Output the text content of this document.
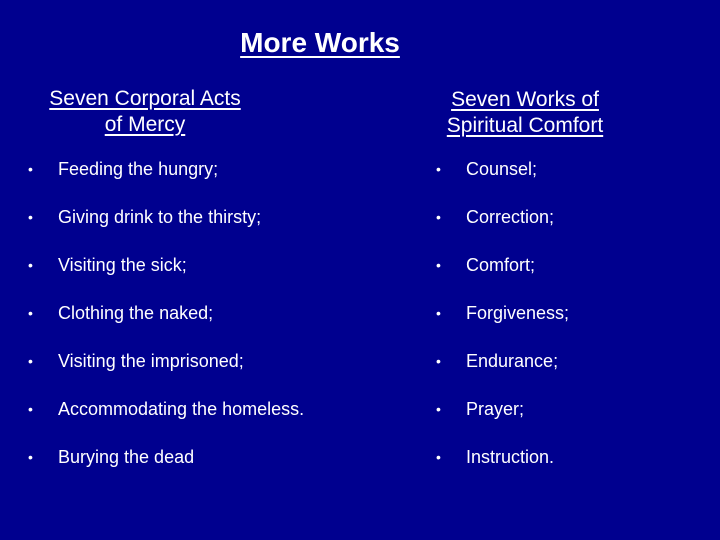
More Works
Seven Corporal Acts
of Mercy
Seven Works of
Spiritual Comfort
• Feeding the hungry;
• Giving drink to the thirsty;
• Visiting the sick;
• Clothing the naked;
• Visiting the imprisoned;
• Accommodating the homeless.
• Burying the dead
• Counsel;
• Correction;
• Comfort;
• Forgiveness;
• Endurance;
• Prayer;
• Instruction.
